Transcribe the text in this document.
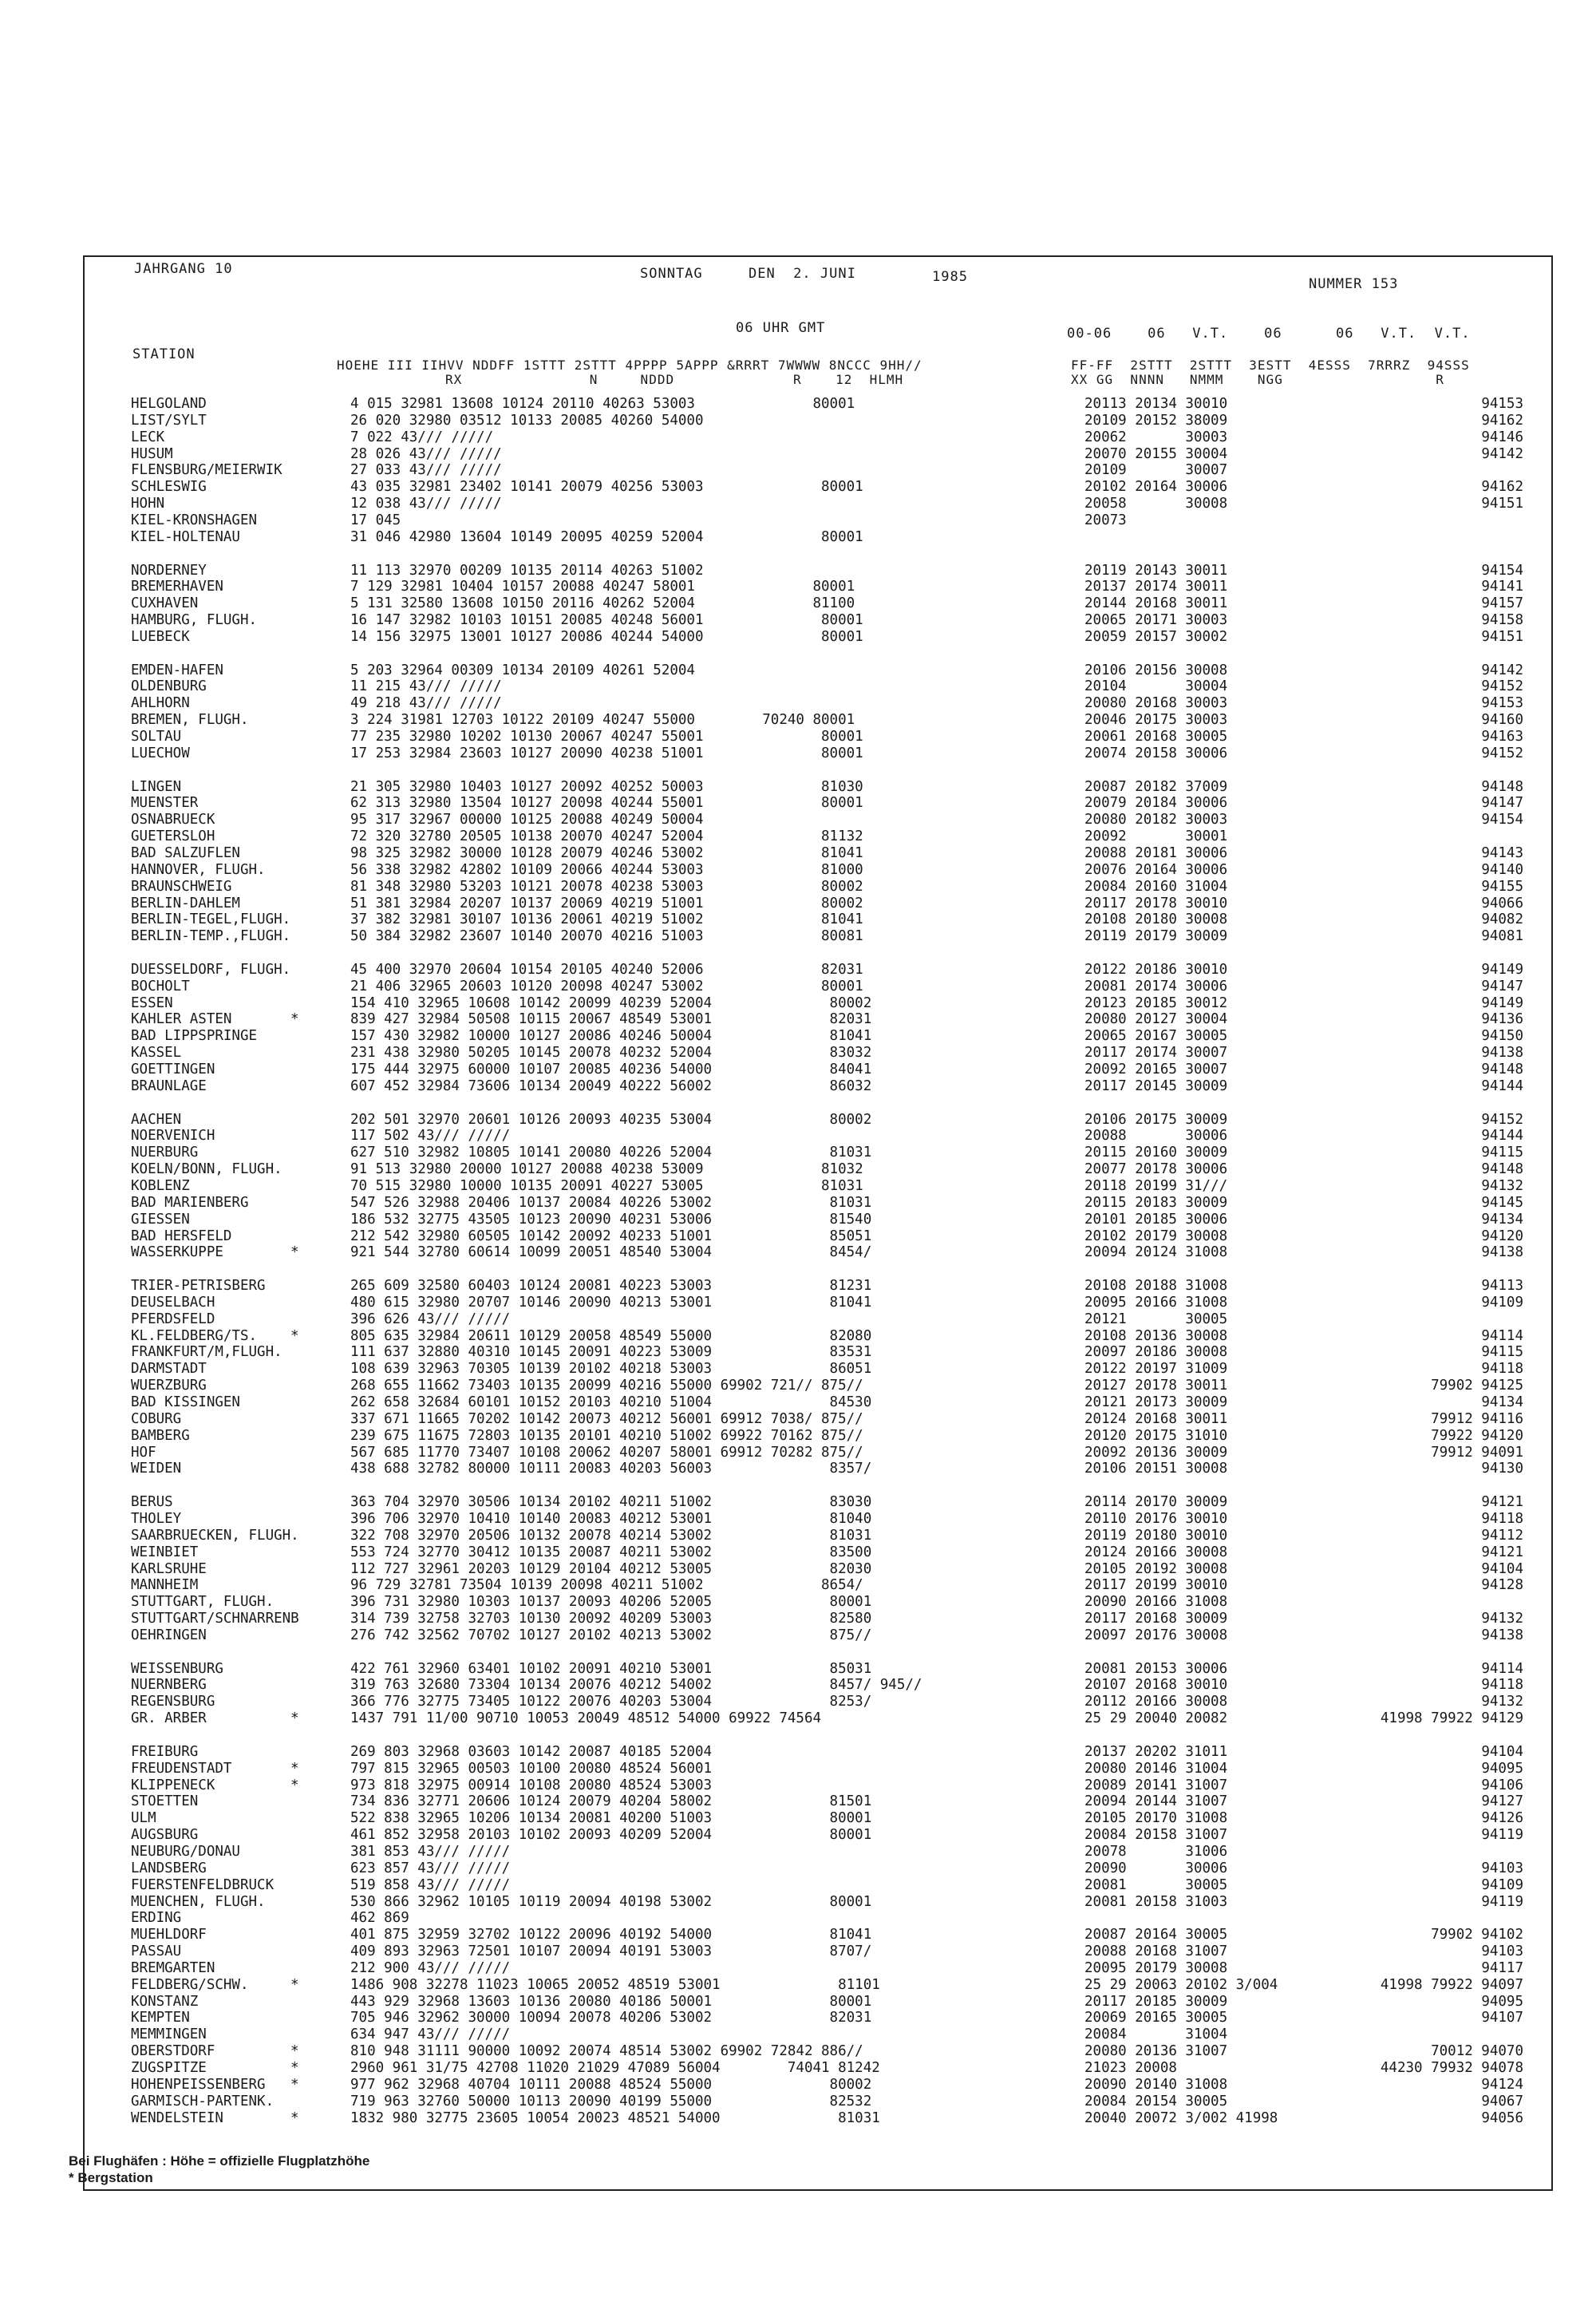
JAHRGANG 10	SONNTAG	DEN  2. JUNI	1985	NUMMER 153
06 UHR GMT	00-06    06   V.T.    06      06   V.T.  V.T.
STATION
HOEHE III IIHVV NDDFF 1STTT 2STTT 4PPPP 5APPP &RRRT 7WWWW 8NCCC 9HH//
RX               N     NDDD              R    12  HLMH
FF-FF  2STTT  2STTT  3ESTT  4ESSS  7RRRZ  94SSS
XX GG  NNNN   NMMM    NGG                  R
HELGOLAND	4 015 32981 13608 10124 20110 40263 53003              80001	20113 20134 30010	94153
LIST/SYLT	26 020 32980 03512 10133 20085 40260 54000	20109 20152 38009	94162
LECK	7 022 43/// /////	20062       30003	94146
HUSUM	28 026 43/// /////	20070 20155 30004	94142
FLENSBURG/MEIERWIK	27 033 43/// /////	20109       30007
SCHLESWIG	43 035 32981 23402 10141 20079 40256 53003              80001	20102 20164 30006	94162
HOHN	12 038 43/// /////	20058       30008	94151
KIEL-KRONSHAGEN	17 045	20073
KIEL-HOLTENAU	31 046 42980 13604 10149 20095 40259 52004              80001
NORDERNEY	11 113 32970 00209 10135 20114 40263 51002	20119 20143 30011	94154
BREMERHAVEN	7 129 32981 10404 10157 20088 40247 58001              80001	20137 20174 30011	94141
CUXHAVEN	5 131 32580 13608 10150 20116 40262 52004              81100	20144 20168 30011	94157
HAMBURG, FLUGH.	16 147 32982 10103 10151 20085 40248 56001              80001	20065 20171 30003	94158
LUEBECK	14 156 32975 13001 10127 20086 40244 54000              80001	20059 20157 30002	94151
EMDEN-HAFEN	5 203 32964 00309 10134 20109 40261 52004	20106 20156 30008	94142
OLDENBURG	11 215 43/// /////	20104       30004	94152
AHLHORN	49 218 43/// /////	20080 20168 30003	94153
BREMEN, FLUGH.	3 224 31981 12703 10122 20109 40247 55000        70240 80001	20046 20175 30003	94160
SOLTAU	77 235 32980 10202 10130 20067 40247 55001              80001	20061 20168 30005	94163
LUECHOW	17 253 32984 23603 10127 20090 40238 51001              80001	20074 20158 30006	94152
LINGEN	21 305 32980 10403 10127 20092 40252 50003              81030	20087 20182 37009	94148
MUENSTER	62 313 32980 13504 10127 20098 40244 55001              80001	20079 20184 30006	94147
OSNABRUECK	95 317 32967 00000 10125 20088 40249 50004	20080 20182 30003	94154
GUETERSLOH	72 320 32780 20505 10138 20070 40247 52004              81132	20092       30001
BAD SALZUFLEN	98 325 32982 30000 10128 20079 40246 53002              81041	20088 20181 30006	94143
HANNOVER, FLUGH.	56 338 32982 42802 10109 20066 40244 53003              81000	20076 20164 30006	94140
BRAUNSCHWEIG	81 348 32980 53203 10121 20078 40238 53003              80002	20084 20160 31004	94155
BERLIN-DAHLEM	51 381 32984 20207 10137 20069 40219 51001              80002	20117 20178 30010	94066
BERLIN-TEGEL,FLUGH.	37 382 32981 30107 10136 20061 40219 51002              81041	20108 20180 30008	94082
BERLIN-TEMP.,FLUGH.	50 384 32982 23607 10140 20070 40216 51003              80081	20119 20179 30009	94081
DUESSELDORF, FLUGH.	45 400 32970 20604 10154 20105 40240 52006              82031	20122 20186 30010	94149
BOCHOLT	21 406 32965 20603 10120 20098 40247 53002              80001	20081 20174 30006	94147
ESSEN	154 410 32965 10608 10142 20099 40239 52004              80002	20123 20185 30012	94149
KAHLER ASTEN	*	839 427 32984 50508 10115 20067 48549 53001              82031	20080 20127 30004	94136
BAD LIPPSPRINGE	157 430 32982 10000 10127 20086 40246 50004              81041	20065 20167 30005	94150
KASSEL	231 438 32980 50205 10145 20078 40232 52004              83032	20117 20174 30007	94138
GOETTINGEN	175 444 32975 60000 10107 20085 40236 54000              84041	20092 20165 30007	94148
BRAUNLAGE	607 452 32984 73606 10134 20049 40222 56002              86032	20117 20145 30009	94144
AACHEN	202 501 32970 20601 10126 20093 40235 53004              80002	20106 20175 30009	94152
NOERVENICH	117 502 43/// /////	20088       30006	94144
NUERBURG	627 510 32982 10805 10141 20080 40226 52004              81031	20115 20160 30009	94115
KOELN/BONN, FLUGH.	91 513 32980 20000 10127 20088 40238 53009              81032	20077 20178 30006	94148
KOBLENZ	70 515 32980 10000 10135 20091 40227 53005              81031	20118 20199 31///	94132
BAD MARIENBERG	547 526 32988 20406 10137 20084 40226 53002              81031	20115 20183 30009	94145
GIESSEN	186 532 32775 43505 10123 20090 40231 53006              81540	20101 20185 30006	94134
BAD HERSFELD	212 542 32980 60505 10142 20092 40233 51001              85051	20102 20179 30008	94120
WASSERKUPPE	*	921 544 32780 60614 10099 20051 48540 53004              8454/	20094 20124 31008	94138
TRIER-PETRISBERG	265 609 32580 60403 10124 20081 40223 53003              81231	20108 20188 31008	94113
DEUSELBACH	480 615 32980 20707 10146 20090 40213 53001              81041	20095 20166 31008	94109
PFERDSFELD	396 626 43/// /////	20121       30005
KL.FELDBERG/TS. *	805 635 32984 20611 10129 20058 48549 55000              82080	20108 20136 30008	94114
FRANKFURT/M,FLUGH.	111 637 32880 40310 10145 20091 40223 53009              83531	20097 20186 30008	94115
DARMSTADT	108 639 32963 70305 10139 20102 40218 53003              86051	20122 20197 31009	94118
WUERZBURG	268 655 11662 73403 10135 20099 40216 55000 69902 721// 875//	20127 20178 30011	79902 94125
BAD KISSINGEN	262 658 32684 60101 10152 20103 40210 51004              84530	20121 20173 30009	94134
COBURG	337 671 11665 70202 10142 20073 40212 56001 69912 7038/ 875//	20124 20168 30011	79912 94116
BAMBERG	239 675 11675 72803 10135 20101 40210 51002 69922 70162 875//	20120 20175 31010	79922 94120
HOF	567 685 11770 73407 10108 20062 40207 58001 69912 70282 875//	20092 20136 30009	79912 94091
WEIDEN	438 688 32782 80000 10111 20083 40203 56003              8357/	20106 20151 30008	94130
BERUS	363 704 32970 30506 10134 20102 40211 51002              83030	20114 20170 30009	94121
THOLEY	396 706 32970 10410 10140 20083 40212 53001              81040	20110 20176 30010	94118
SAARBRUECKEN, FLUGH.	322 708 32970 20506 10132 20078 40214 53002              81031	20119 20180 30010	94112
WEINBIET	553 724 32770 30412 10135 20087 40211 53002              83500	20124 20166 30008	94121
KARLSRUHE	112 727 32961 20203 10129 20104 40212 53005              82030	20105 20192 30008	94104
MANNHEIM	96 729 32781 73504 10139 20098 40211 51002              8654/	20117 20199 30010	94128
STUTTGART, FLUGH.	396 731 32980 10303 10137 20093 40206 52005              80001	20090 20166 31008
STUTTGART/SCHNARRENB	314 739 32758 32703 10130 20092 40209 53003              82580	20117 20168 30009	94132
OEHRINGEN	276 742 32562 70702 10127 20102 40213 53002              875//	20097 20176 30008	94138
WEISSENBURG	422 761 32960 63401 10102 20091 40210 53001              85031	20081 20153 30006	94114
NUERNBERG	319 763 32680 73304 10134 20076 40212 54002              8457/ 945//	20107 20168 30010	94118
REGENSBURG	366 776 32775 73405 10122 20076 40203 53004              8253/	20112 20166 30008	94132
GR. ARBER	*	1437 791 11/00 90710 10053 20049 48512 54000 69922 74564	25 29 20040 20082	41998 79922 94129
FREIBURG	269 803 32968 03603 10142 20087 40185 52004	20137 20202 31011	94104
FREUDENSTADT	*	797 815 32965 00503 10100 20080 48524 56001	20080 20146 31004	94095
KLIPPENECK	*	973 818 32975 00914 10108 20080 48524 53003	20089 20141 31007	94106
STOETTEN	734 836 32771 20606 10124 20079 40204 58002              81501	20094 20144 31007	94127
ULM	522 838 32965 10206 10134 20081 40200 51003              80001	20105 20170 31008	94126
AUGSBURG	461 852 32958 20103 10102 20093 40209 52004              80001	20084 20158 31007	94119
NEUBURG/DONAU	381 853 43/// /////	20078       31006
LANDSBERG	623 857 43/// /////	20090       30006	94103
FUERSTENFELDBRUCK	519 858 43/// /////	20081       30005	94109
MUENCHEN, FLUGH.	530 866 32962 10105 10119 20094 40198 53002              80001	20081 20158 31003	94119
ERDING	462 869
MUEHLDORF	401 875 32959 32702 10122 20096 40192 54000              81041	20087 20164 30005	79902 94102
PASSAU	409 893 32963 72501 10107 20094 40191 53003              8707/	20088 20168 31007	94103
BREMGARTEN	212 900 43/// /////	20095 20179 30008	94117
FELDBERG/SCHW.	*	1486 908 32278 11023 10065 20052 48519 53001              81101	25 29 20063 20102 3/004	41998 79922 94097
KONSTANZ	443 929 32968 13603 10136 20080 40186 50001              80001	20117 20185 30009	94095
KEMPTEN	705 946 32962 30000 10094 20078 40206 53002              82031	20069 20165 30005	94107
MEMMINGEN	634 947 43/// /////	20084       31004
OBERSTDORF	*	810 948 31111 90000 10092 20074 48514 53002 69902 72842 886//	20080 20136 31007	70012 94070
ZUGSPITZE	*	2960 961 31/75 42708 11020 21029 47089 56004        74041 81242	21023 20008	44230 79932 94078
HOHENPEISSENBERG *	977 962 32968 40704 10111 20088 48524 55000              80002	20090 20140 31008	94124
GARMISCH-PARTENK.	719 963 32760 50000 10113 20090 40199 55000              82532	20084 20154 30005	94067
WENDELSTEIN	*	1832 980 32775 23605 10054 20023 48521 54000              81031	20040 20072 3/002 41998	94056
Bei Flughäfen : Höhe = offizielle Flugplatzhöhe
* Bergstation
